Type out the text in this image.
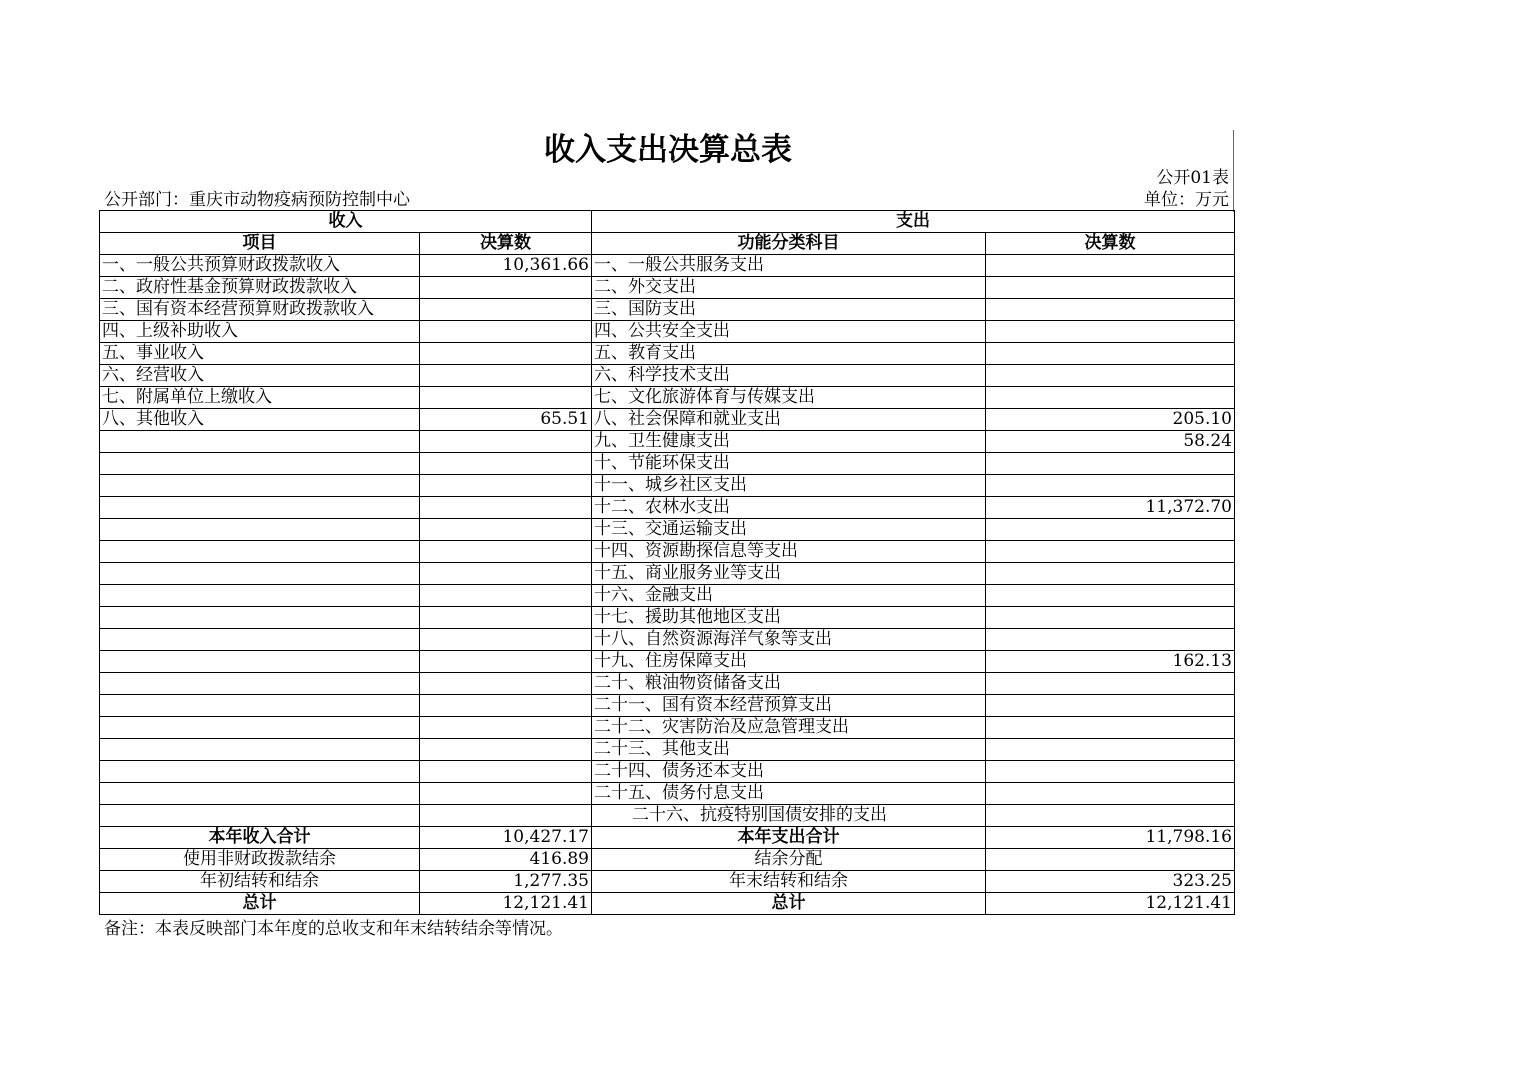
收入支出决算总表
公开01表
公开部门：重庆市动物疫病预防控制中心	单位：万元
收入		支出	
项目	决算数	功能分类科目	决算数
一、一般公共预算财政拨款收入	10,361.66	一、一般公共服务支出	
二、政府性基金预算财政拨款收入		二、外交支出	
三、国有资本经营预算财政拨款收入		三、国防支出	
四、上级补助收入		四、公共安全支出	
五、事业收入		五、教育支出	
六、经营收入		六、科学技术支出	
七、附属单位上缴收入		七、文化旅游体育与传媒支出	
八、其他收入	65.51	八、社会保障和就业支出	205.10
		九、卫生健康支出	58.24
		十、节能环保支出	
		十一、城乡社区支出	
		十二、农林水支出	11,372.70
		十三、交通运输支出	
		十四、资源勘探信息等支出	
		十五、商业服务业等支出	
		十六、金融支出	
		十七、援助其他地区支出	
		十八、自然资源海洋气象等支出	
		十九、住房保障支出	162.13
		二十、粮油物资储备支出	
		二十一、国有资本经营预算支出	
		二十二、灾害防治及应急管理支出	
		二十三、其他支出	
		二十四、债务还本支出	
		二十五、债务付息支出	
		二十六、抗疫特别国债安排的支出	
本年收入合计	10,427.17	本年支出合计	11,798.16
使用非财政拨款结余	416.89	结余分配	
年初结转和结余	1,277.35	年末结转和结余	323.25
总计	12,121.41	总计	12,121.41
备注：本表反映部门本年度的总收支和年末结转结余等情况。
